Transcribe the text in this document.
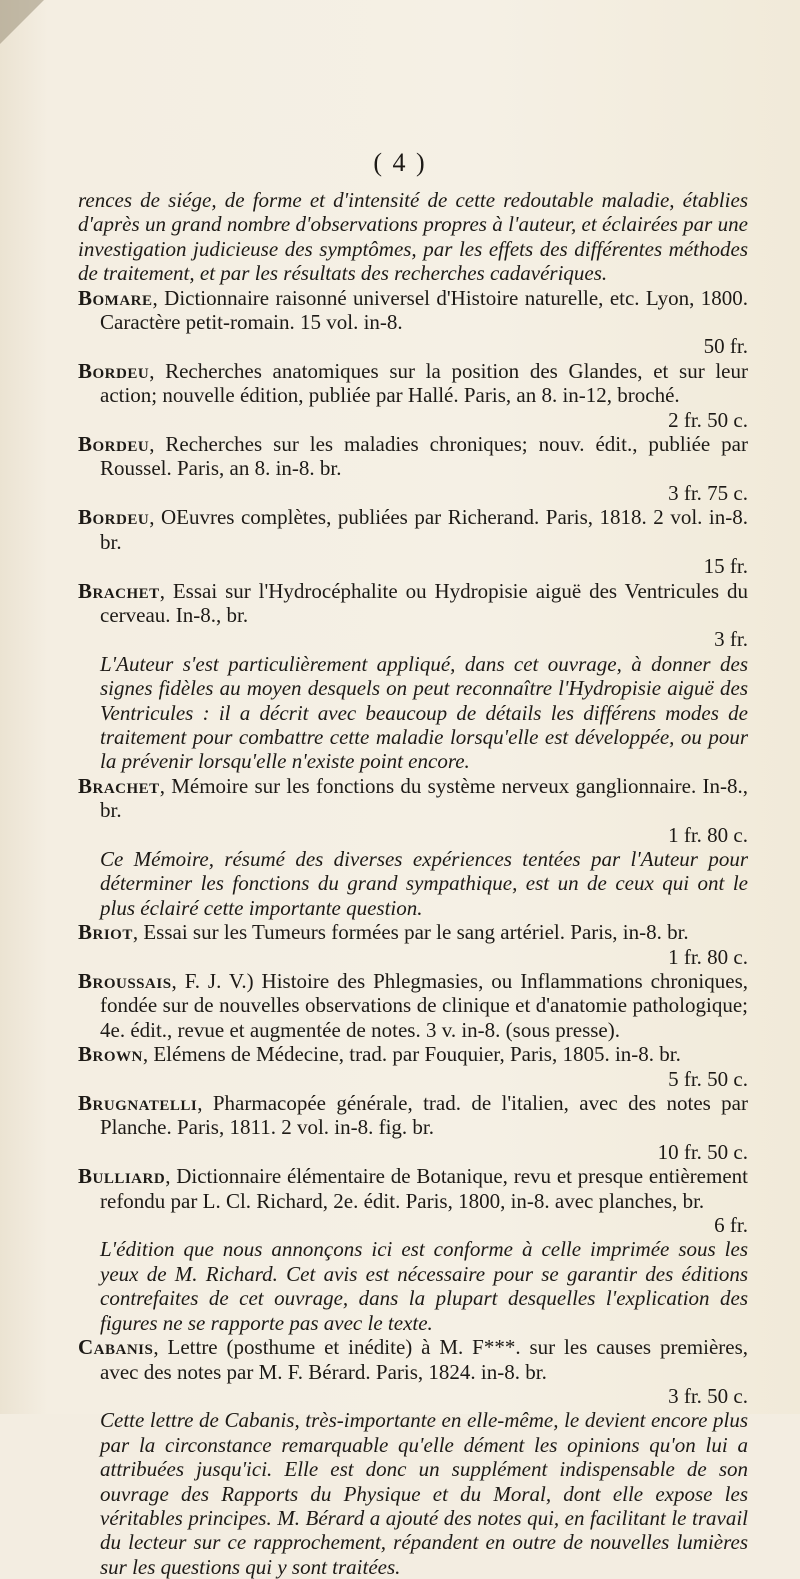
( 4 )

rences de siége, de forme et d'intensité de cette redoutable maladie, établies d'après un grand nombre d'observations propres à l'auteur, et éclairées par une investigation judicieuse des symptômes, par les effets des différentes méthodes de traitement, et par les résultats des recherches cadavériques.

Bomare, Dictionnaire raisonné universel d'Histoire naturelle, etc. Lyon, 1800. Caractère petit-romain. 15 vol. in-8.
50 fr.

Bordeu, Recherches anatomiques sur la position des Glandes, et sur leur action; nouvelle édition, publiée par Hallé. Paris, an 8. in-12, broché.
2 fr. 50 c.

Bordeu, Recherches sur les maladies chroniques; nouv. édit., publiée par Roussel. Paris, an 8. in-8. br.
3 fr. 75 c.

Bordeu, OEuvres complètes, publiées par Richerand. Paris, 1818. 2 vol. in-8. br.
15 fr.

Brachet, Essai sur l'Hydrocéphalite ou Hydropisie aiguë des Ventricules du cerveau. In-8., br.
3 fr.

L'Auteur s'est particulièrement appliqué, dans cet ouvrage, à donner des signes fidèles au moyen desquels on peut reconnaître l'Hydropisie aiguë des Ventricules : il a décrit avec beaucoup de détails les différens modes de traitement pour combattre cette maladie lorsqu'elle est développée, ou pour la prévenir lorsqu'elle n'existe point encore.

Brachet, Mémoire sur les fonctions du système nerveux ganglionnaire. In-8., br.
1 fr. 80 c.

Ce Mémoire, résumé des diverses expériences tentées par l'Auteur pour déterminer les fonctions du grand sympathique, est un de ceux qui ont le plus éclairé cette importante question.

Briot, Essai sur les Tumeurs formées par le sang artériel. Paris, in-8. br.
1 fr. 80 c.

Broussais, F. J. V.) Histoire des Phlegmasies, ou Inflammations chroniques, fondée sur de nouvelles observations de clinique et d'anatomie pathologique; 4e. édit., revue et augmentée de notes. 3 v. in-8. (sous presse).

Brown, Elémens de Médecine, trad. par Fouquier, Paris, 1805. in-8. br.
5 fr. 50 c.

Brugnatelli, Pharmacopée générale, trad. de l'italien, avec des notes par Planche. Paris, 1811. 2 vol. in-8. fig. br.
10 fr. 50 c.

Bulliard, Dictionnaire élémentaire de Botanique, revu et presque entièrement refondu par L. Cl. Richard, 2e. édit. Paris, 1800, in-8. avec planches, br.
6 fr.

L'édition que nous annonçons ici est conforme à celle imprimée sous les yeux de M. Richard. Cet avis est nécessaire pour se garantir des éditions contrefaites de cet ouvrage, dans la plupart desquelles l'explication des figures ne se rapporte pas avec le texte.

Cabanis, Lettre (posthume et inédite) à M. F***. sur les causes premières, avec des notes par M. F. Bérard. Paris, 1824. in-8. br.
3 fr. 50 c.

Cette lettre de Cabanis, très-importante en elle-même, le devient encore plus par la circonstance remarquable qu'elle dément les opinions qu'on lui a attribuées jusqu'ici. Elle est donc un supplément indispensable de son ouvrage des Rapports du Physique et du Moral, dont elle expose les véritables principes. M. Bérard a ajouté des notes qui, en facilitant le travail du lecteur sur ce rapprochement, répandent en outre de nouvelles lumières sur les questions qui y sont traitées.
